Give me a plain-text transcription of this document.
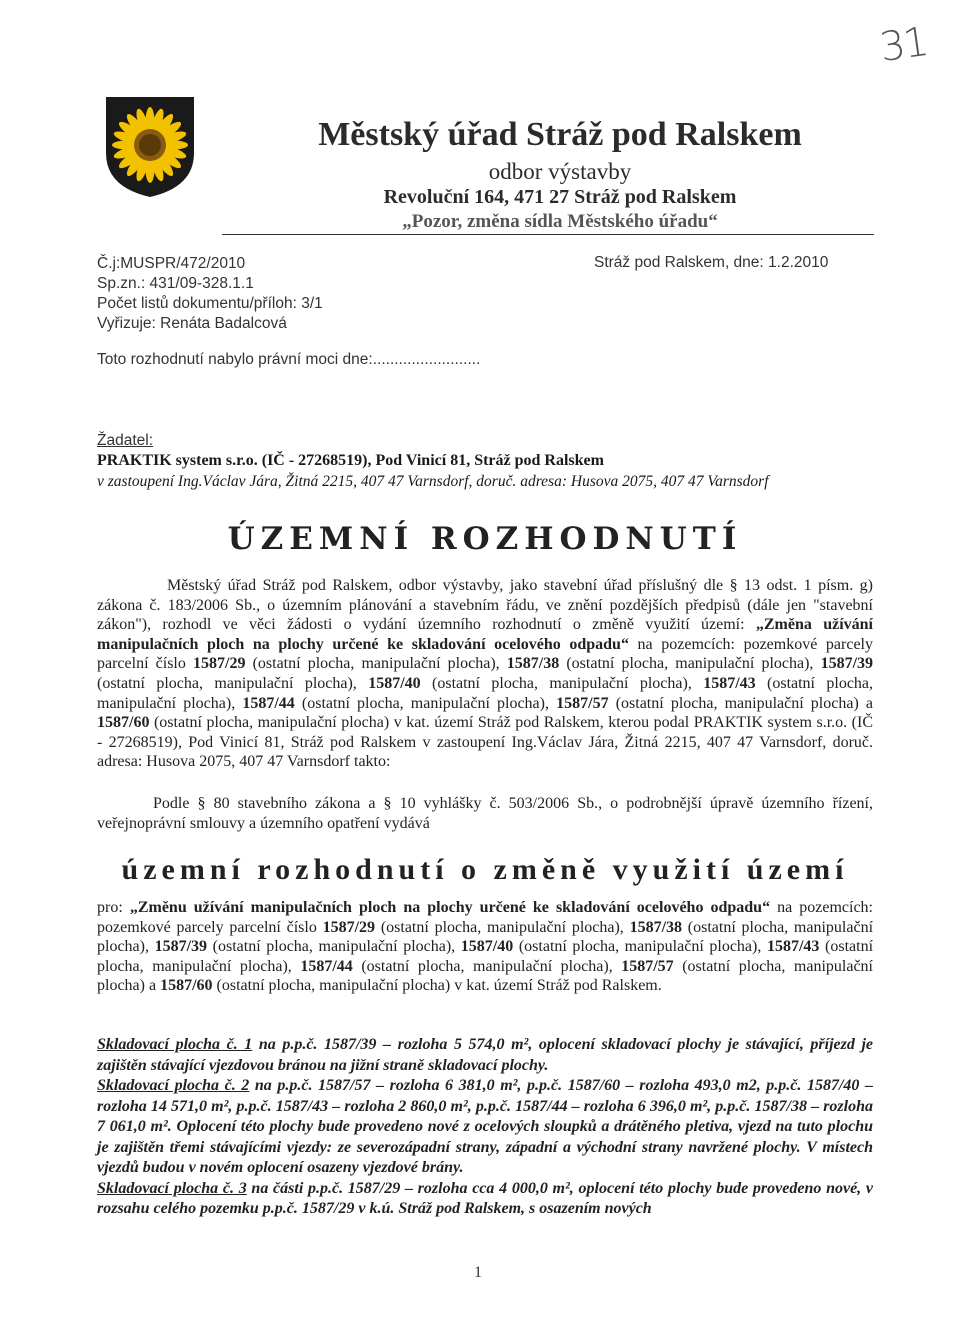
31
Městský úřad Stráž pod Ralskem
odbor výstavby
Revoluční 164, 471 27 Stráž pod Ralskem
„Pozor, změna sídla Městského úřadu“
Č.j:MUSPR/472/2010
Sp.zn.: 431/09-328.1.1
Počet listů dokumentu/příloh: 3/1
Vyřizuje: Renáta Badalcová
Stráž pod Ralskem, dne: 1.2.2010
Toto rozhodnutí nabylo právní moci dne:.........................
Žadatel:
PRAKTIK system s.r.o. (IČ - 27268519), Pod Vinicí 81, Stráž pod Ralskem
v zastoupení Ing.Václav Jára, Žitná 2215, 407 47 Varnsdorf, doruč. adresa: Husova 2075, 407 47 Varnsdorf
ÚZEMNÍ ROZHODNUTÍ
Městský úřad Stráž pod Ralskem, odbor výstavby, jako stavební úřad příslušný dle § 13 odst. 1 písm. g) zákona č. 183/2006 Sb., o územním plánování a stavebním řádu, ve znění pozdějších předpisů (dále jen "stavební zákon"), rozhodl ve věci žádosti o vydání územního rozhodnutí o změně využití území: „Změna užívání manipulačních ploch na plochy určené ke skladování ocelového odpadu“ na pozemcích: pozemkové parcely parcelní číslo 1587/29 (ostatní plocha, manipulační plocha), 1587/38 (ostatní plocha, manipulační plocha), 1587/39 (ostatní plocha, manipulační plocha), 1587/40 (ostatní plocha, manipulační plocha), 1587/43 (ostatní plocha, manipulační plocha), 1587/44 (ostatní plocha, manipulační plocha), 1587/57 (ostatní plocha, manipulační plocha) a 1587/60 (ostatní plocha, manipulační plocha) v kat. území Stráž pod Ralskem, kterou podal PRAKTIK system s.r.o. (IČ - 27268519), Pod Vinicí 81, Stráž pod Ralskem v zastoupení Ing.Václav Jára, Žitná 2215, 407 47 Varnsdorf, doruč. adresa: Husova 2075, 407 47 Varnsdorf takto:
Podle § 80 stavebního zákona a § 10 vyhlášky č. 503/2006 Sb., o podrobnější úpravě územního řízení, veřejnoprávní smlouvy a územního opatření vydává
územní rozhodnutí o změně využití území
pro: „Změnu užívání manipulačních ploch na plochy určené ke skladování ocelového odpadu“ na pozemcích: pozemkové parcely parcelní číslo 1587/29 (ostatní plocha, manipulační plocha), 1587/38 (ostatní plocha, manipulační plocha), 1587/39 (ostatní plocha, manipulační plocha), 1587/40 (ostatní plocha, manipulační plocha), 1587/43 (ostatní plocha, manipulační plocha), 1587/44 (ostatní plocha, manipulační plocha), 1587/57 (ostatní plocha, manipulační plocha) a 1587/60 (ostatní plocha, manipulační plocha) v kat. území Stráž pod Ralskem.
Skladovací plocha č. 1 na p.p.č. 1587/39 – rozloha 5 574,0 m², oplocení skladovací plochy je stávající, příjezd je zajištěn stávající vjezdovou bránou na jižní straně skladovací plochy.
Skladovací plocha č. 2 na p.p.č. 1587/57 – rozloha 6 381,0 m², p.p.č. 1587/60 – rozloha 493,0 m2, p.p.č. 1587/40 – rozloha 14 571,0 m², p.p.č. 1587/43 – rozloha 2 860,0 m², p.p.č. 1587/44 – rozloha 6 396,0 m², p.p.č. 1587/38 – rozloha 7 061,0 m². Oplocení této plochy bude provedeno nové z ocelových sloupků a drátěného pletiva, vjezd na tuto plochu je zajištěn třemi stávajícími vjezdy: ze severozápadní strany, západní a východní strany navržené plochy. V místech vjezdů budou v novém oplocení osazeny vjezdové brány.
Skladovací plocha č. 3 na části p.p.č. 1587/29 – rozloha cca 4 000,0 m², oplocení této plochy bude provedeno nové, v rozsahu celého pozemku p.p.č. 1587/29 v k.ú. Stráž pod Ralskem, s osazením nových
1
